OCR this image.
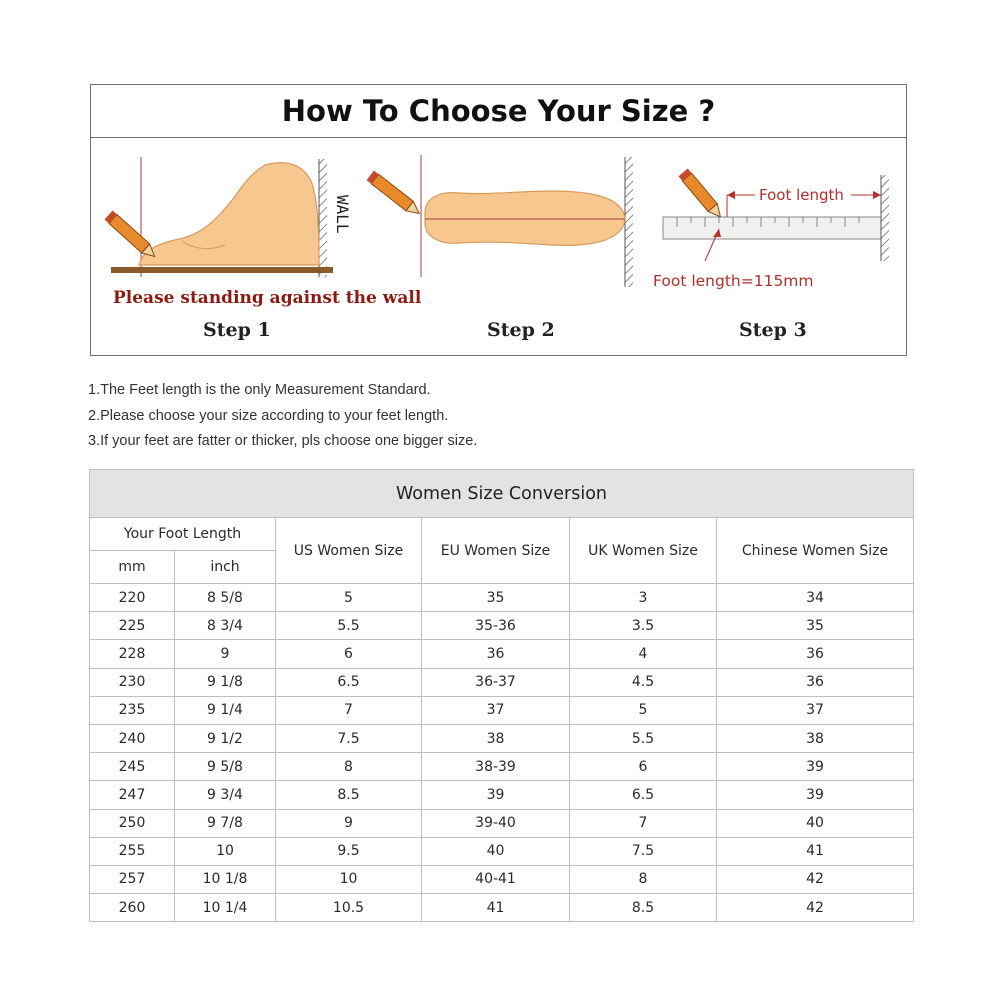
How To Choose Your Size ?
WALL
Please standing against the wall
Step 1	Step 2
Foot length
Foot length=115mm
Step 3
1.The Feet length is the only Measurement Standard.
2.Please choose your size according to your feet length.
3.If your feet are fatter or thicker, pls choose one bigger size.
Women Size Conversion					
Your Foot Length		US Women Size	EU Women Size	UK Women Size	Chinese Women Size
mm	inch				
220	8 5/8	5	35	3	34
225	8 3/4	5.5	35-36	3.5	35
228	9	6	36	4	36
230	9 1/8	6.5	36-37	4.5	36
235	9 1/4	7	37	5	37
240	9 1/2	7.5	38	5.5	38
245	9 5/8	8	38-39	6	39
247	9 3/4	8.5	39	6.5	39
250	9 7/8	9	39-40	7	40
255	10	9.5	40	7.5	41
257	10 1/8	10	40-41	8	42
260	10 1/4	10.5	41	8.5	42
